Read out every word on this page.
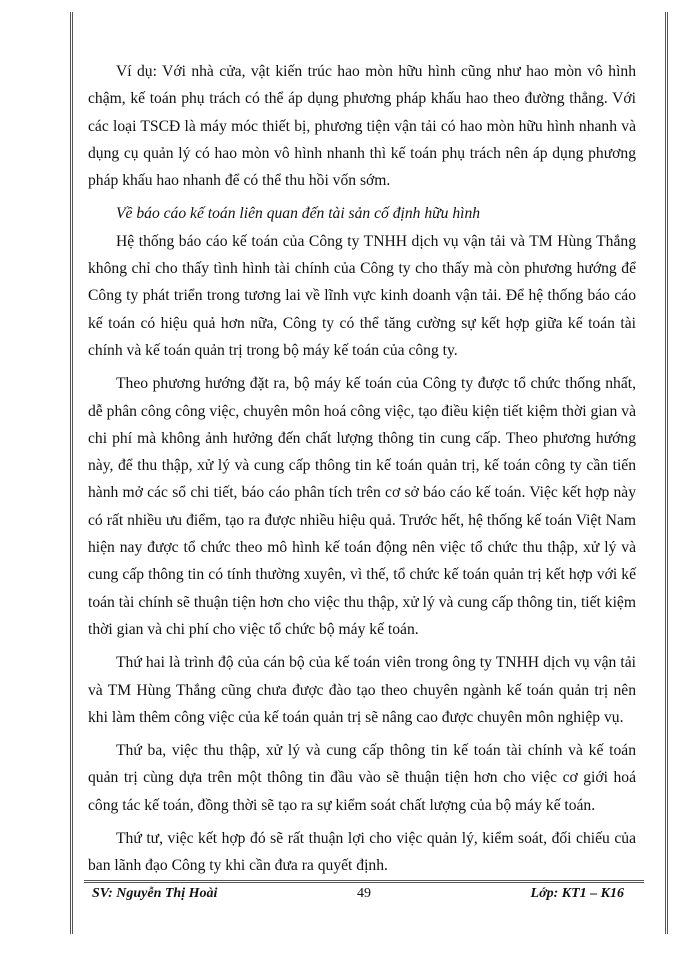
Ví dụ: Với nhà cửa, vật kiến trúc hao mòn hữu hình cũng như hao mòn vô hình chậm, kế toán phụ trách có thể áp dụng phương pháp khấu hao theo đường thẳng. Với các loại TSCĐ là máy móc thiết bị, phương tiện vận tải có hao mòn hữu hình nhanh và dụng cụ quản lý có hao mòn vô hình nhanh thì kế toán phụ trách nên áp dụng phương pháp khấu hao nhanh để có thể thu hồi vốn sớm.

Về báo cáo kế toán liên quan đến tài sản cố định hữu hình

Hệ thống báo cáo kế toán của Công ty TNHH dịch vụ vận tải và TM Hùng Thắng không chỉ cho thấy tình hình tài chính của Công ty cho thấy mà còn phương hướng để Công ty phát triển trong tương lai về lĩnh vực kinh doanh vận tải. Để hệ thống báo cáo kế toán có hiệu quả hơn nữa, Công ty có thể tăng cường sự kết hợp giữa kế toán tài chính và kế toán quản trị trong bộ máy kế toán của công ty.

Theo phương hướng đặt ra, bộ máy kế toán của Công ty được tổ chức thống nhất, dễ phân công công việc, chuyên môn hoá công việc, tạo điều kiện tiết kiệm thời gian và chi phí mà không ảnh hưởng đến chất lượng thông tin cung cấp. Theo phương hướng này, để thu thập, xử lý và cung cấp thông tin kế toán quản trị, kế toán công ty cần tiến hành mở các sổ chi tiết, báo cáo phân tích trên cơ sở báo cáo kế toán. Việc kết hợp này có rất nhiều ưu điểm, tạo ra được nhiều hiệu quả. Trước hết, hệ thống kế toán Việt Nam hiện nay được tổ chức theo mô hình kế toán động nên việc tổ chức thu thập, xử lý và cung cấp thông tin có tính thường xuyên, vì thế, tổ chức kế toán quản trị kết hợp với kế toán tài chính sẽ thuận tiện hơn cho việc thu thập, xử lý và cung cấp thông tin, tiết kiệm thời gian và chi phí cho việc tổ chức bộ máy kế toán.

Thứ hai là trình độ của cán bộ của kế toán viên trong ông ty TNHH dịch vụ vận tải và TM Hùng Thắng cũng chưa được đào tạo theo chuyên ngành kế toán quản trị nên khi làm thêm công việc của kế toán quản trị sẽ nâng cao được chuyên môn nghiệp vụ.

Thứ ba, việc thu thập, xử lý và cung cấp thông tin kế toán tài chính và kế toán quản trị cùng dựa trên một thông tin đầu vào sẽ thuận tiện hơn cho việc cơ giới hoá công tác kế toán, đồng thời sẽ tạo ra sự kiểm soát chất lượng của bộ máy kế toán.

Thứ tư, việc kết hợp đó sẽ rất thuận lợi cho việc quản lý, kiểm soát, đối chiếu của ban lãnh đạo Công ty khi cần đưa ra quyết định.

SV: Nguyễn Thị Hoài	49	Lớp: KT1 – K16
